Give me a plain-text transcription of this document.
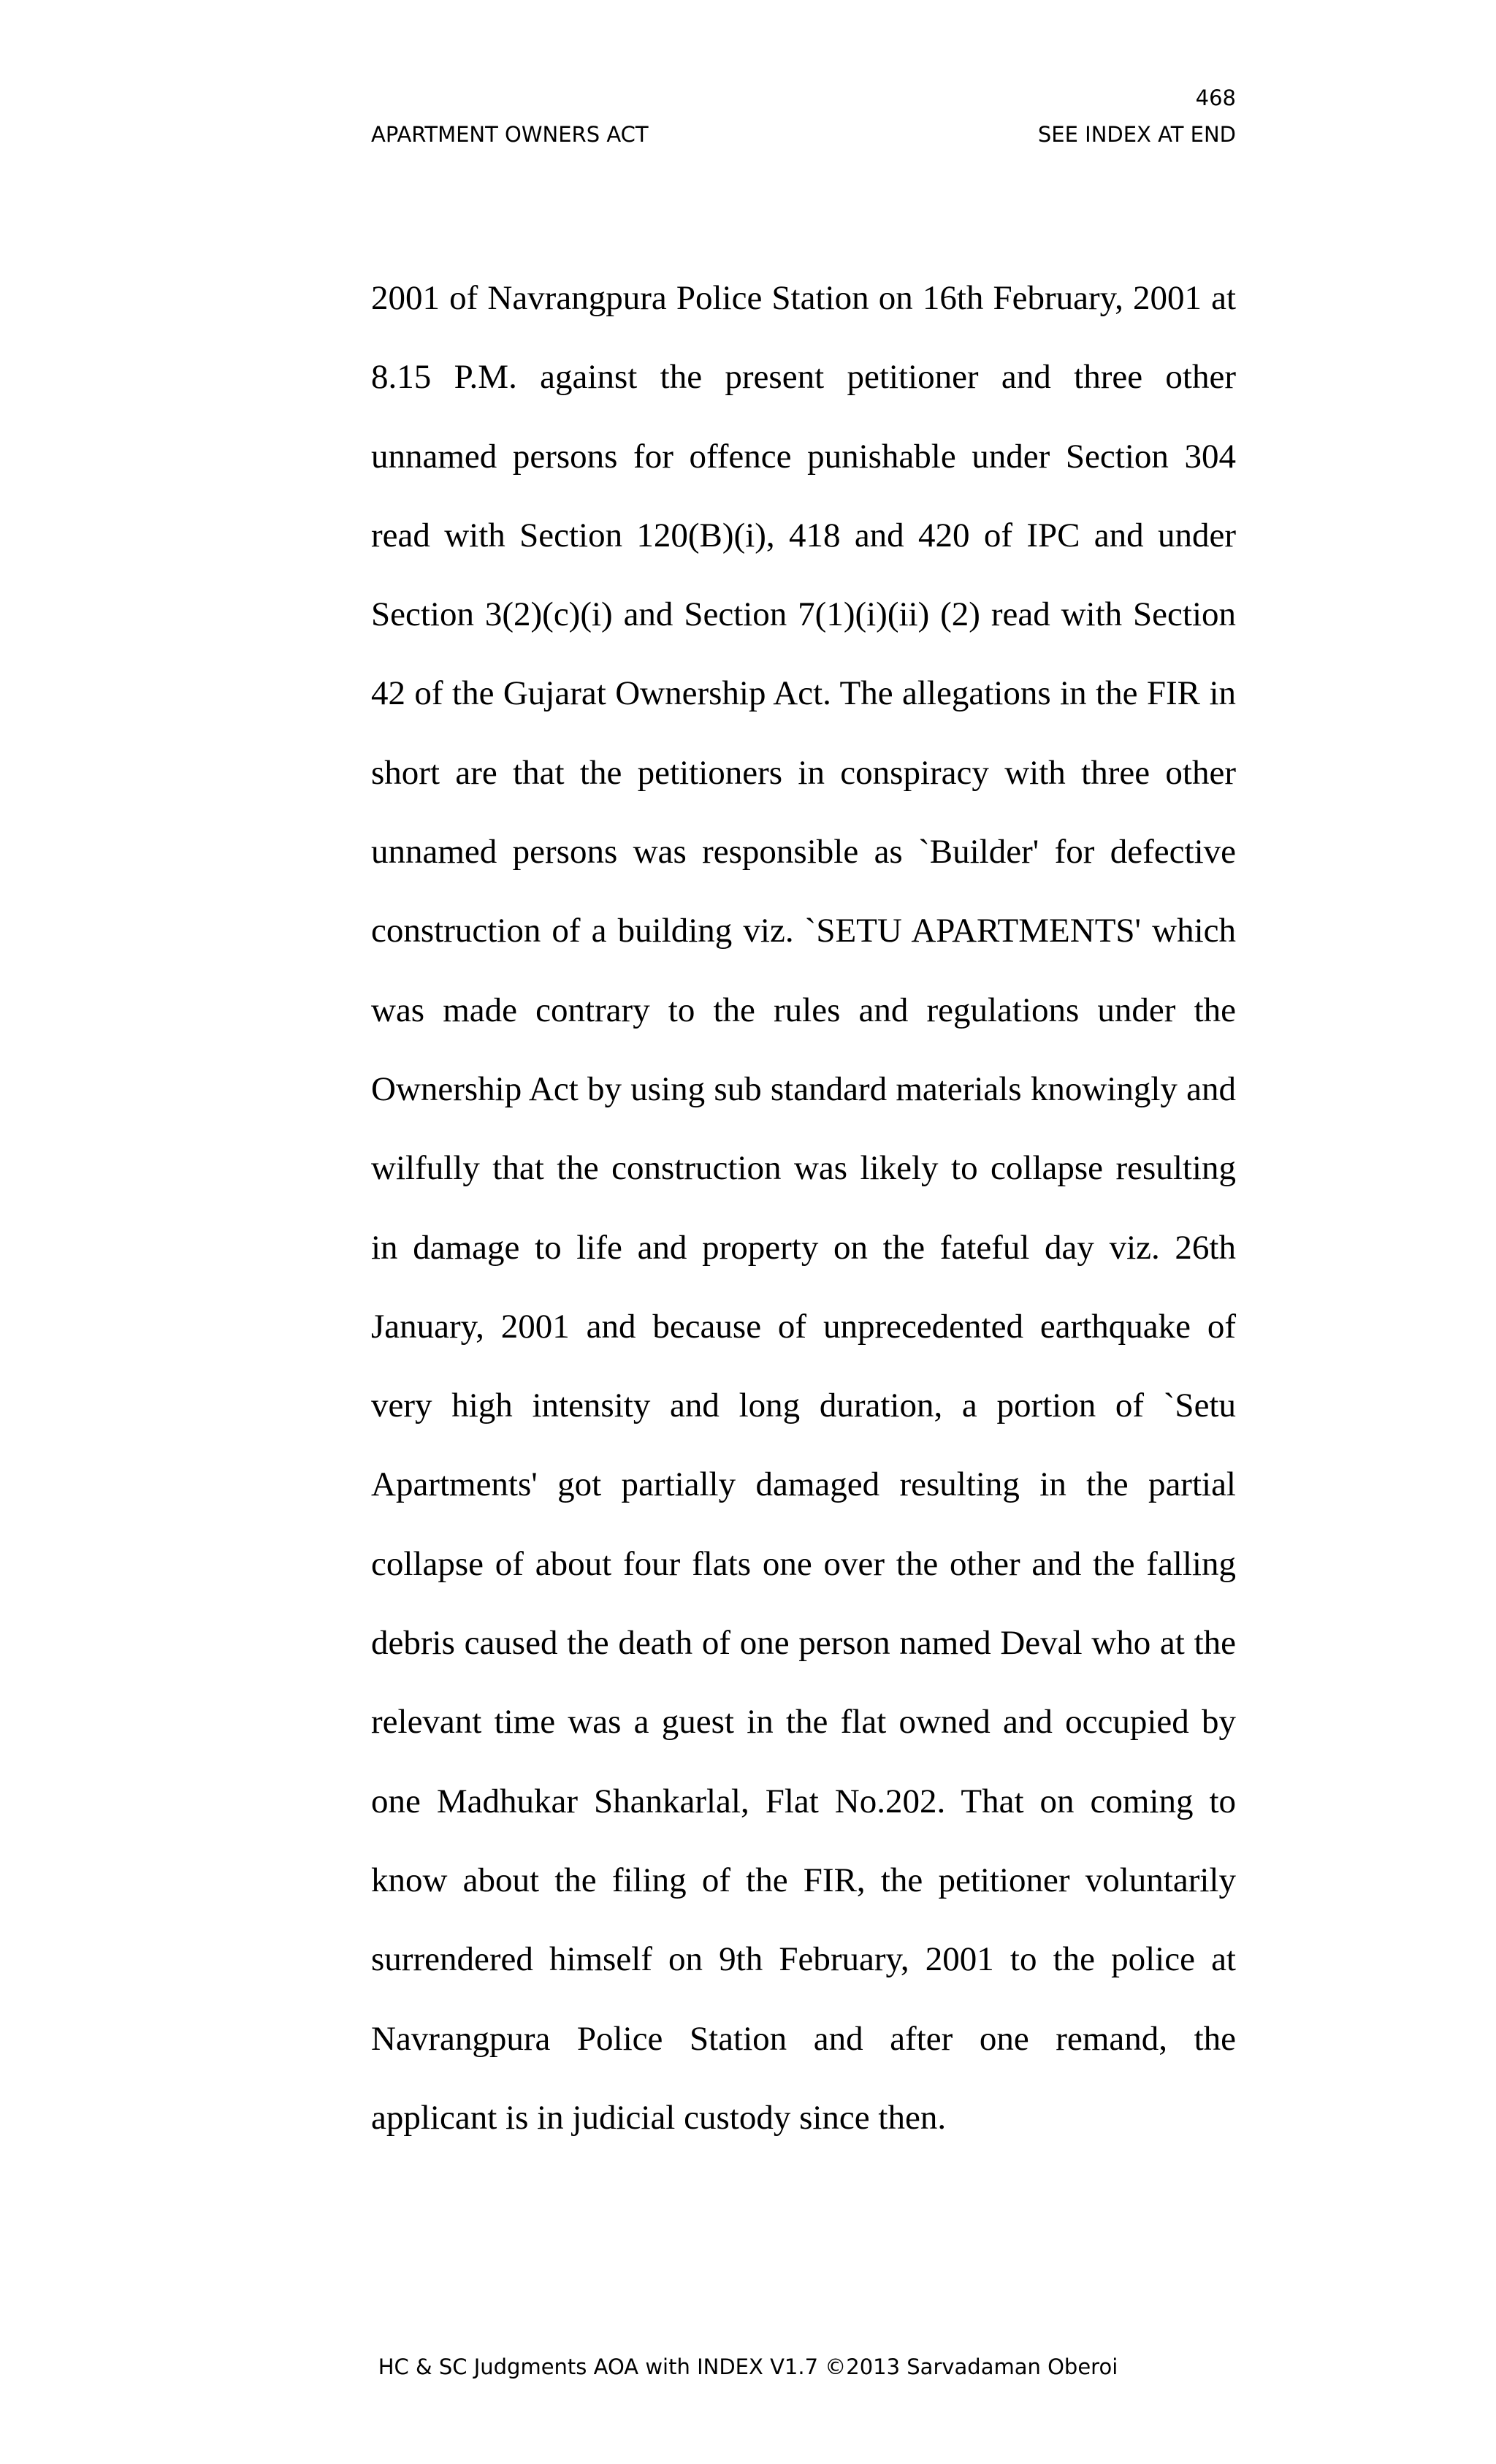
468
APARTMENT OWNERS ACT	SEE INDEX AT END
2001 of Navrangpura Police Station on 16th February, 2001 at
8.15 P.M. against the present petitioner and three other
unnamed persons for offence punishable under Section 304
read with Section 120(B)(i), 418 and 420 of IPC and under
Section 3(2)(c)(i) and Section 7(1)(i)(ii) (2) read with Section
42 of the Gujarat Ownership Act. The allegations in the FIR in
short are that the petitioners in conspiracy with three other
unnamed persons was responsible as `Builder' for defective
construction of a building viz. `SETU APARTMENTS' which
was made contrary to the rules and regulations under the
Ownership Act by using sub standard materials knowingly and
wilfully that the construction was likely to collapse resulting
in damage to life and property on the fateful day viz. 26th
January, 2001 and because of unprecedented earthquake of
very high intensity and long duration, a portion of `Setu
Apartments' got partially damaged resulting in the partial
collapse of about four flats one over the other and the falling
debris caused the death of one person named Deval who at the
relevant time was a guest in the flat owned and occupied by
one Madhukar Shankarlal, Flat No.202. That on coming to
know about the filing of the FIR, the petitioner voluntarily
surrendered himself on 9th February, 2001 to the police at
Navrangpura Police Station and after one remand, the
applicant is in judicial custody since then.
HC & SC Judgments AOA with INDEX V1.7 ©2013 Sarvadaman Oberoi
